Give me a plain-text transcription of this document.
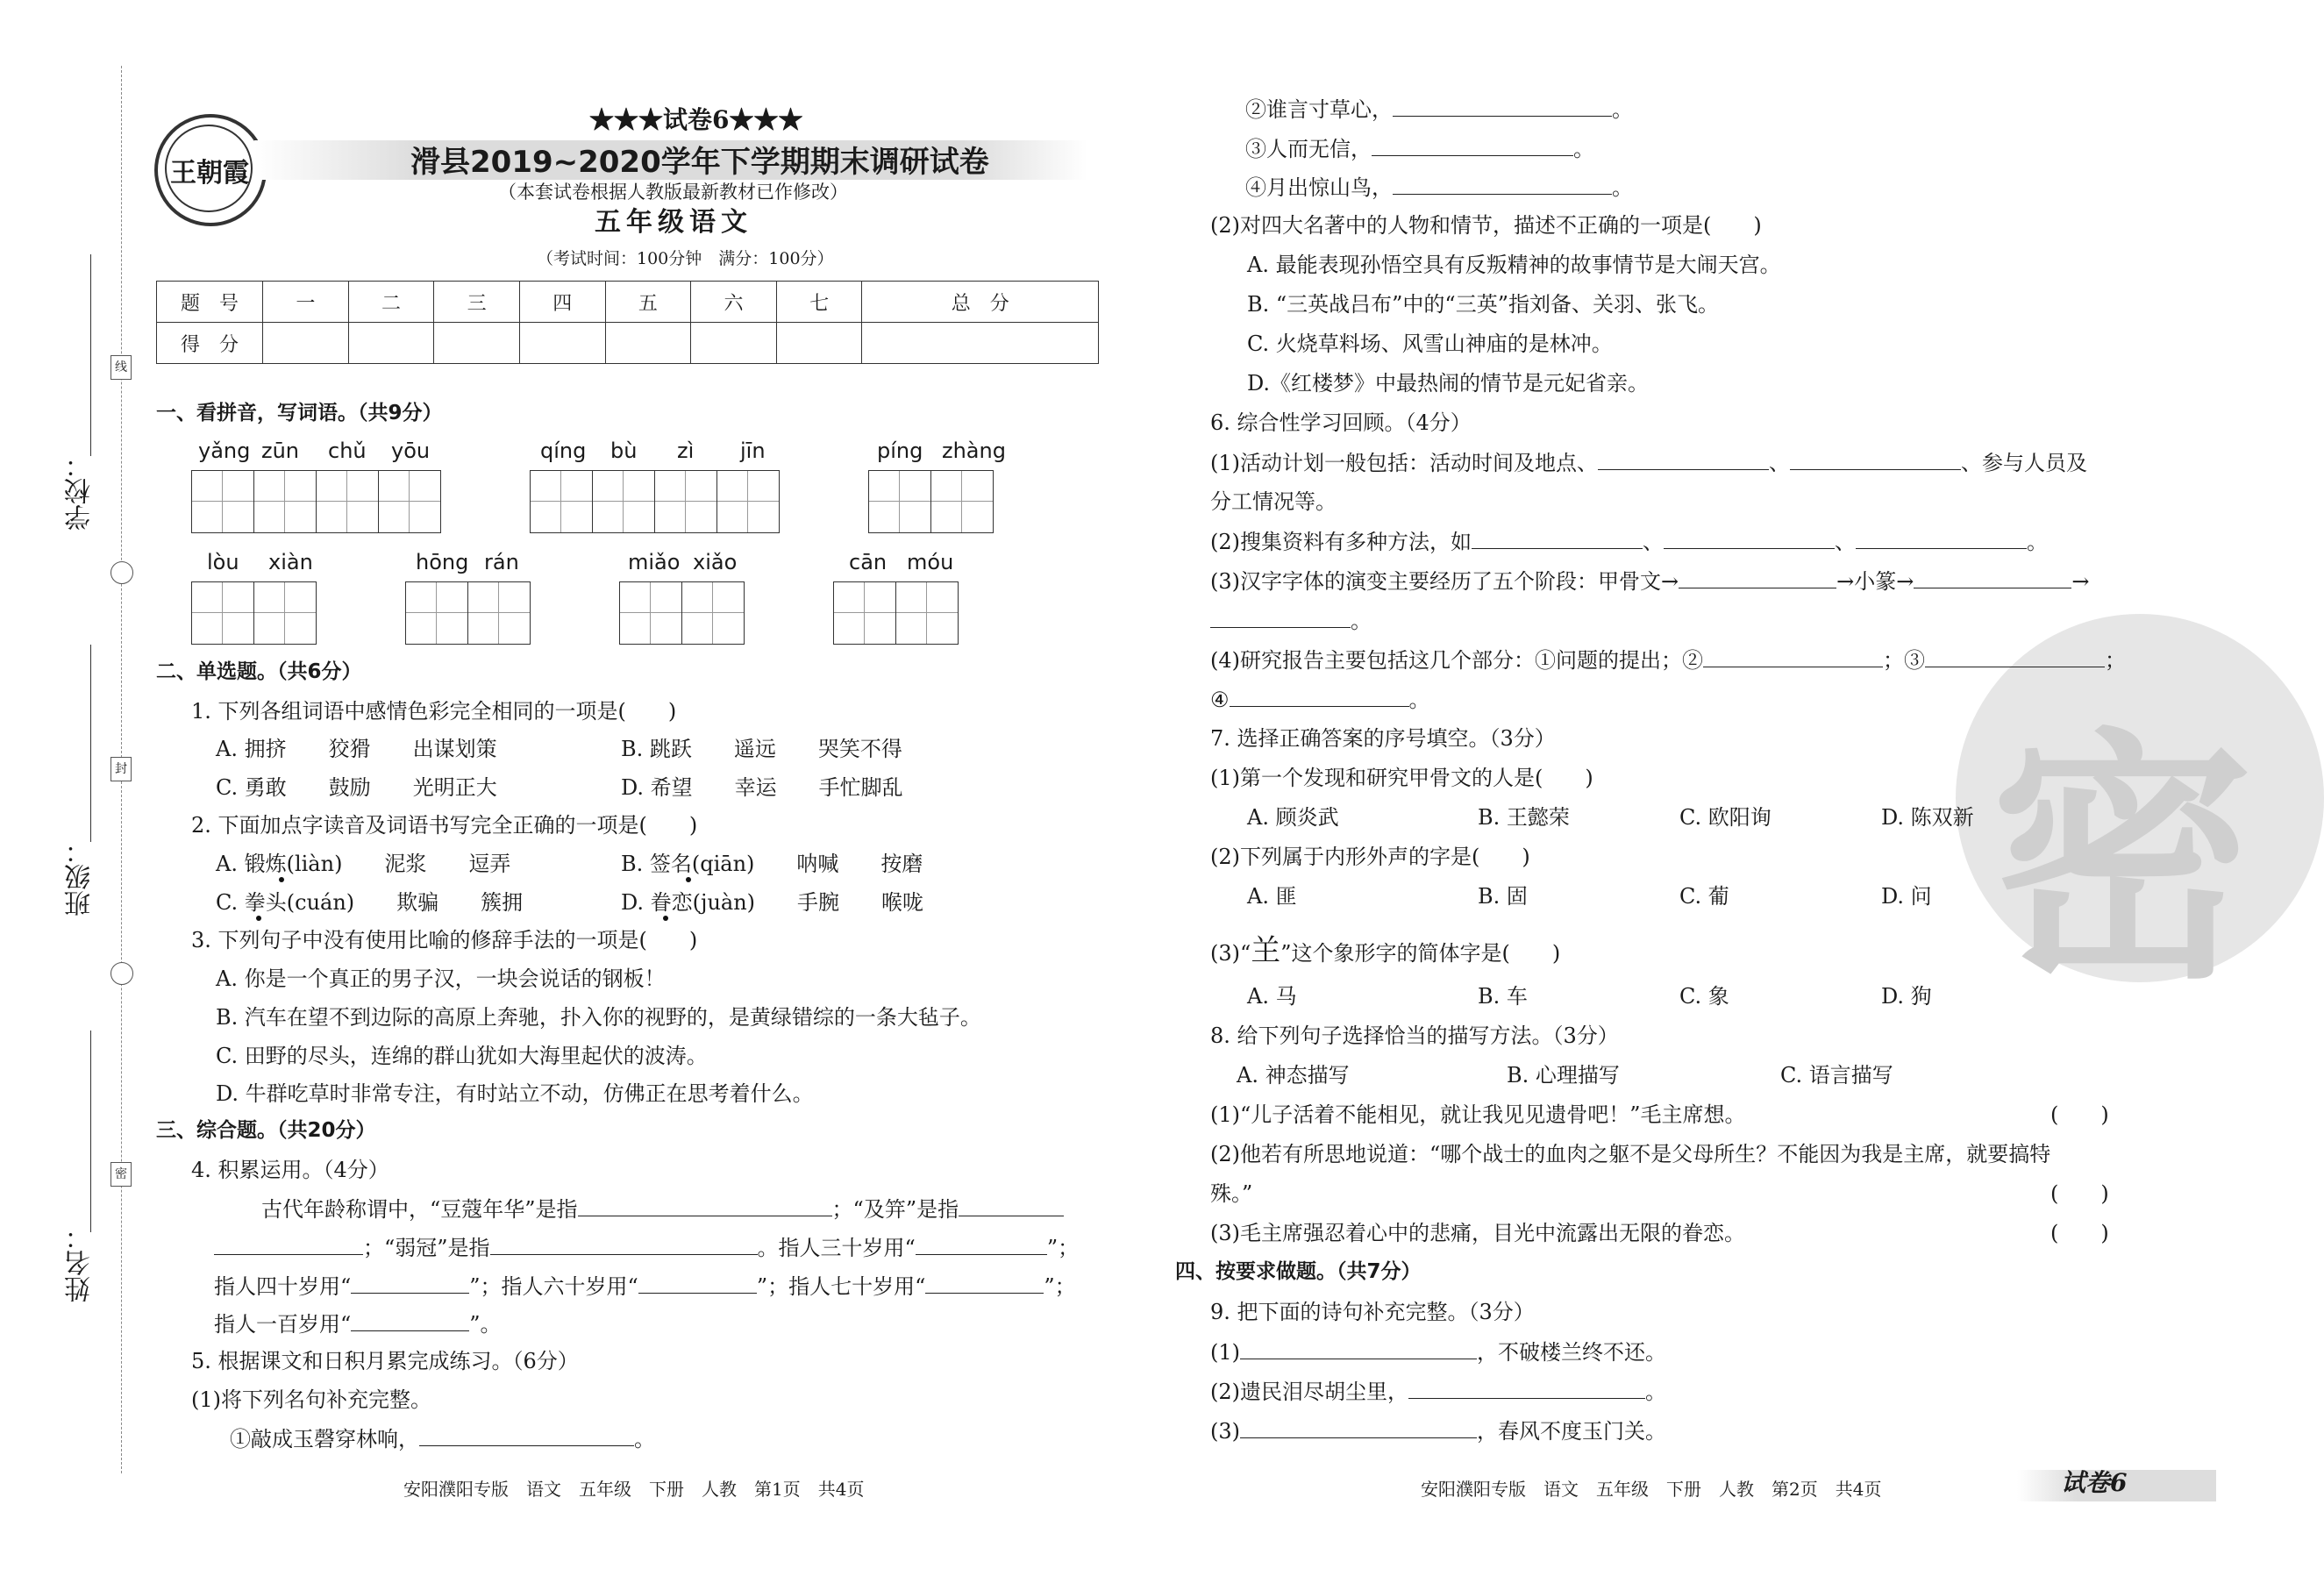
密
学校：
班级：
姓名：
线
封
密
王朝霞
★★★试卷6★★★
滑县2019~2020学年下学期期末调研试卷
（本套试卷根据人教版最新教材已作修改）
五年级语文
（考试时间：100分钟　满分：100分）
题　号	一	二	三	四	五	六	七	总　分
得　分								
一、看拼音，写词语。（共9分）
yǎng zūn chǔ yōu	qíng bù zì jīn	píng zhàng
lòu xiàn	hōng rán	miǎo xiǎo	cān móu
二、单选题。（共6分）
1. 下列各组词语中感情色彩完全相同的一项是(　　)
A. 拥挤　　狡猾　　出谋划策	B. 跳跃　　遥远　　哭笑不得
C. 勇敢　　鼓励　　光明正大	D. 希望　　幸运　　手忙脚乱
2. 下面加点字读音及词语书写完全正确的一项是(　　)
A. 锻炼(liàn)　　泥浆　　逗弄	B. 签名(qiān)　　呐喊　　按磨
C. 拳头(cuán)　　欺骗　　簇拥	D. 眷恋(juàn)　　手腕　　喉咙
3. 下列句子中没有使用比喻的修辞手法的一项是(　　)
A. 你是一个真正的男子汉，一块会说话的钢板！
B. 汽车在望不到边际的高原上奔驰，扑入你的视野的，是黄绿错综的一条大毡子。
C. 田野的尽头，连绵的群山犹如大海里起伏的波涛。
D. 牛群吃草时非常专注，有时站立不动，仿佛正在思考着什么。
三、综合题。（共20分）
4. 积累运用。（4分）
古代年龄称谓中，“豆蔻年华”是指	；“及笄”是指
；“弱冠”是指	。指人三十岁用“	”；
指人四十岁用“	”；指人六十岁用“	”；指人七十岁用“	”；
指人一百岁用“	”。
5. 根据课文和日积月累完成练习。（6分）
(1)将下列名句补充完整。
①敲成玉磬穿林响，	。
安阳濮阳专版　语文　五年级　下册　人教　第1页　共4页
②谁言寸草心，	。
③人而无信，	。
④月出惊山鸟，	。
(2)对四大名著中的人物和情节，描述不正确的一项是(　　)
A. 最能表现孙悟空具有反叛精神的故事情节是大闹天宫。
B. “三英战吕布”中的“三英”指刘备、关羽、张飞。
C. 火烧草料场、风雪山神庙的是林冲。
D.《红楼梦》中最热闹的情节是元妃省亲。
6. 综合性学习回顾。（4分）
(1)活动计划一般包括：活动时间及地点、	、	、参与人员及
分工情况等。
(2)搜集资料有多种方法，如	、	、	。
(3)汉字字体的演变主要经历了五个阶段：甲骨文→	→小篆→	→
。
(4)研究报告主要包括这几个部分：①问题的提出；②	；③	；
④	。
7. 选择正确答案的序号填空。（3分）
(1)第一个发现和研究甲骨文的人是(　　)
A. 顾炎武	B. 王懿荣	C. 欧阳询	D. 陈双新
(2)下列属于内形外声的字是(　　)
A. 匪	B. 固	C. 葡	D. 问
(3)“𦍌”这个象形字的简体字是(　　)
A. 马	B. 车	C. 象	D. 狗
8. 给下列句子选择恰当的描写方法。（3分）
A. 神态描写	B. 心理描写	C. 语言描写
(1)“儿子活着不能相见，就让我见见遗骨吧！”毛主席想。	(　　)
(2)他若有所思地说道：“哪个战士的血肉之躯不是父母所生？不能因为我是主席，就要搞特
殊。”	(　　)
(3)毛主席强忍着心中的悲痛，目光中流露出无限的眷恋。	(　　)
四、按要求做题。（共7分）
9. 把下面的诗句补充完整。（3分）
(1)	，不破楼兰终不还。
(2)遗民泪尽胡尘里，	。
(3)	，春风不度玉门关。
安阳濮阳专版　语文　五年级　下册　人教　第2页　共4页	试卷6
